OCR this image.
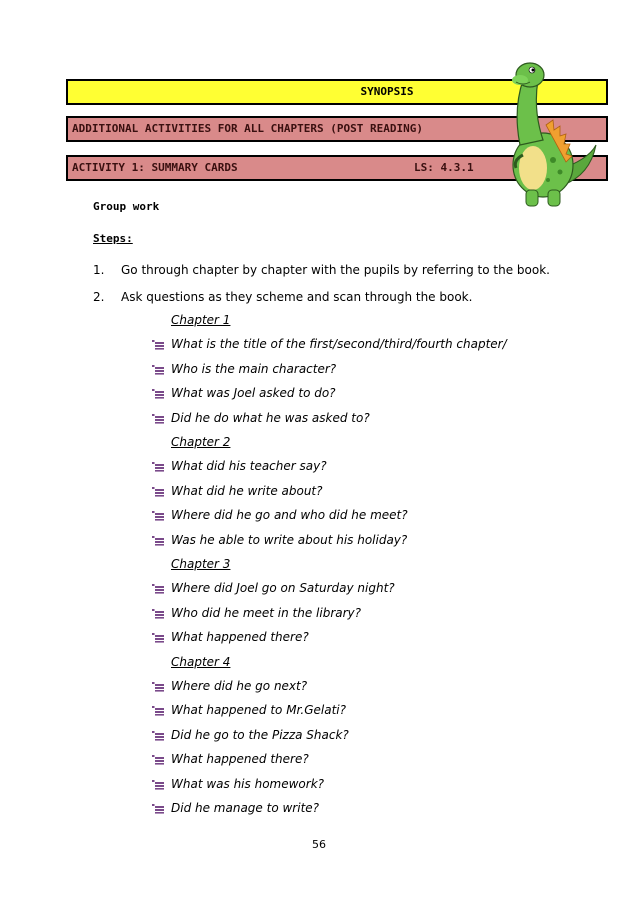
SYNOPSIS
ADDITIONAL ACTIVITIES FOR ALL CHAPTERS (POST READING)
ACTIVITY 1: SUMMARY CARDS	LS: 4.3.1
Group work
Steps:
1. Go through chapter by chapter with the pupils by referring to the book.
2. Ask questions as they scheme and scan through the book.
Chapter 1
What is the title of the first/second/third/fourth chapter/
Who is the main character?
What was Joel asked to do?
Did he do what he was asked to?
Chapter 2
What did his teacher say?
What did he write about?
Where did he go and who did he meet?
Was he able to write about his holiday?
Chapter 3
Where did Joel go on Saturday night?
Who did he meet in the library?
What happened there?
Chapter 4
Where did he go next?
What happened to Mr.Gelati?
Did he go to the Pizza Shack?
What happened there?
What was his homework?
Did he manage to write?
56
